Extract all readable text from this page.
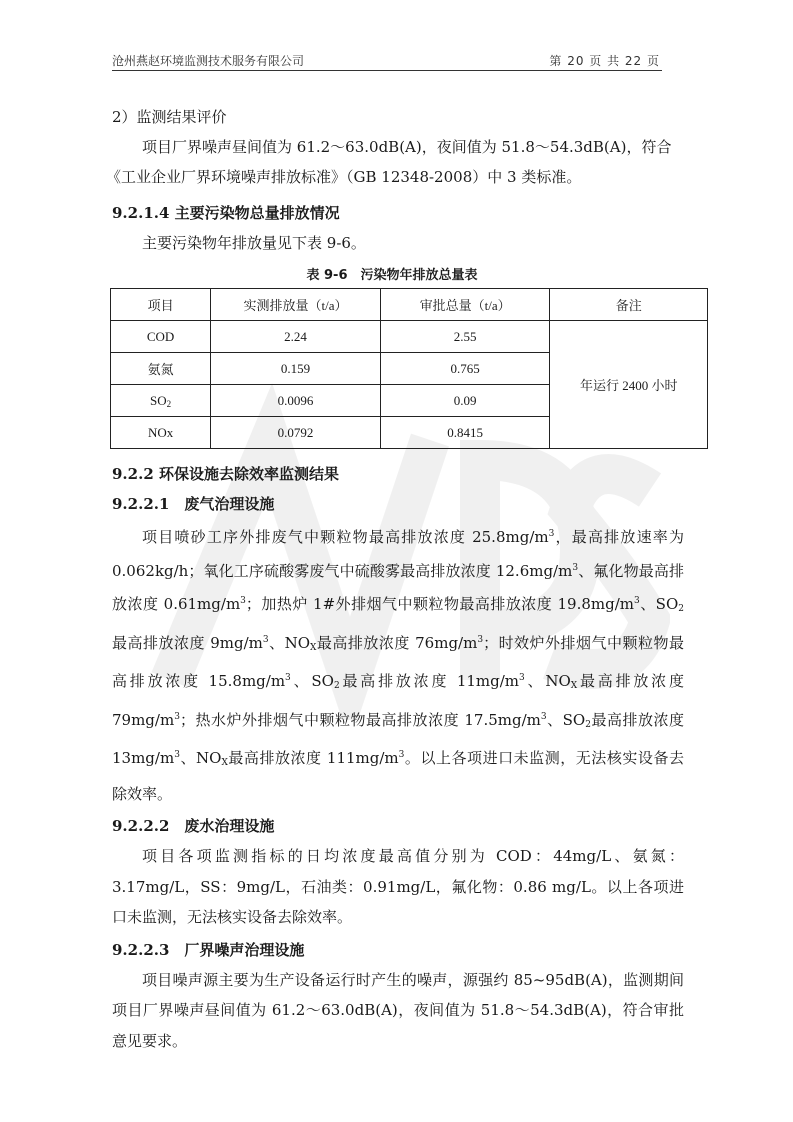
沧州燕赵环境监测技术服务有限公司	第 20 页 共 22 页
2）监测结果评价
项目厂界噪声昼间值为 61.2～63.0dB(A)，夜间值为 51.8～54.3dB(A)，符合
《工业企业厂界环境噪声排放标准》（GB 12348-2008）中 3 类标准。
9.2.1.4 主要污染物总量排放情况
主要污染物年排放量见下表 9-6。
表 9-6　污染物年排放总量表
项目	实测排放量（t/a）	审批总量（t/a）	备注
COD	2.24	2.55	年运行 2400 小时
氨氮	0.159	0.765	
$SO_2$	0.0096	0.09	
NOx	0.0792	0.8415	
9.2.2 环保设施去除效率监测结果
9.2.2.1　废气治理设施
项目喷砂工序外排废气中颗粒物最高排放浓度 $25.8mg/m^3$，最高排放速率为 0.062kg/h；氧化工序硫酸雾废气中硫酸雾最高排放浓度 $12.6mg/m^3$、氟化物最高排放浓度 $0.61mg/m^3$；加热炉 1#外排烟气中颗粒物最高排放浓度 $19.8mg/m^3$、$SO_2$最高排放浓度 $9mg/m^3$、$NO_X$最高排放浓度 $76mg/m^3$；时效炉外排烟气中颗粒物最高排放浓度 $15.8mg/m^3$、$SO_2$最高排放浓度 $11mg/m^3$、$NO_X$最高排放浓度 $79mg/m^3$；热水炉外排烟气中颗粒物最高排放浓度 $17.5mg/m^3$、$SO_2$最高排放浓度 $13mg/m^3$、$NO_X$最高排放浓度 $111mg/m^3$。以上各项进口未监测，无法核实设备去除效率。
9.2.2.2　废水治理设施
项目各项监测指标的日均浓度最高值分别为 COD：44mg/L、氨氮：3.17mg/L，SS：9mg/L，石油类：0.91mg/L，氟化物：0.86 mg/L。以上各项进口未监测，无法核实设备去除效率。
9.2.2.3　厂界噪声治理设施
项目噪声源主要为生产设备运行时产生的噪声，源强约 85~95dB(A)，监测期间项目厂界噪声昼间值为 61.2～63.0dB(A)，夜间值为 51.8～54.3dB(A)，符合审批意见要求。
